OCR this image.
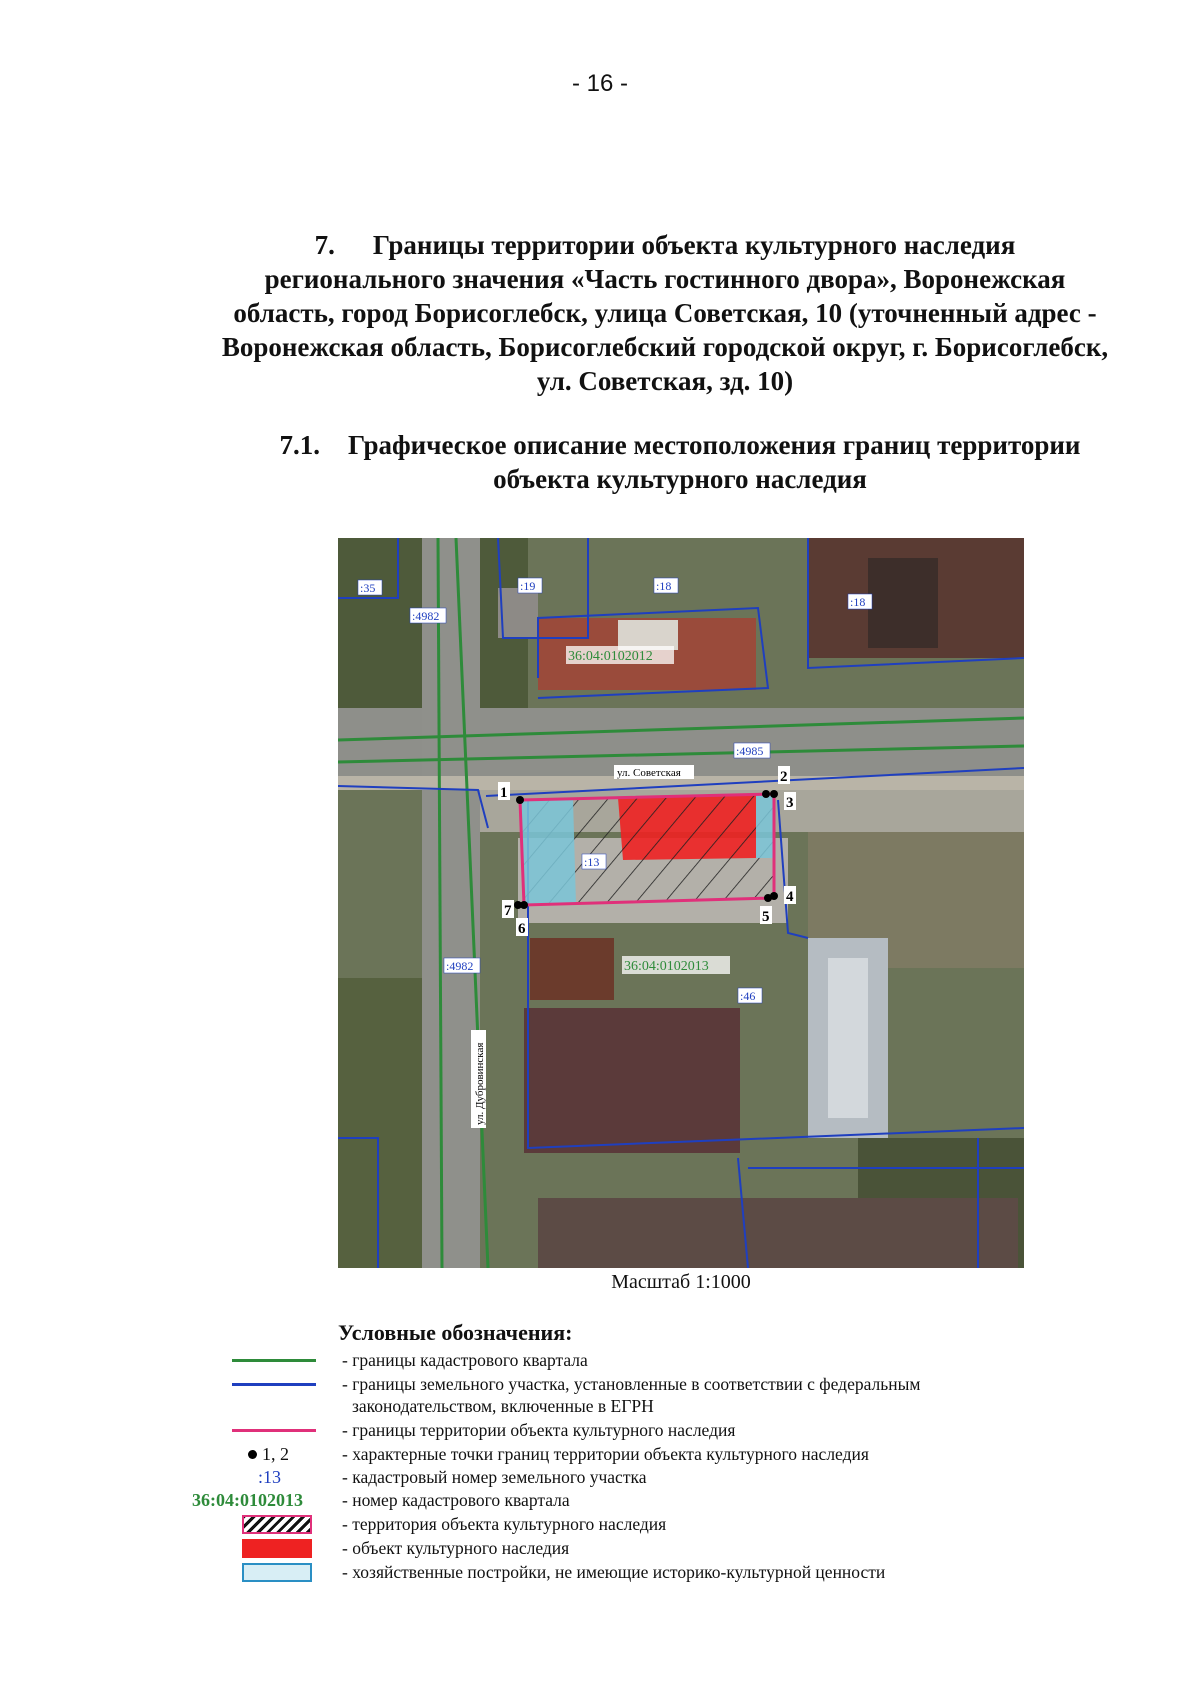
- 16 -
7. Границы территории объекта культурного наследия
регионального значения «Часть гостинного двора», Воронежская
область, город Борисоглебск, улица Советская, 10 (уточненный адрес -
Воронежская область, Борисоглебский городской округ, г. Борисоглебск,
ул. Советская, зд. 10)
7.1. Графическое описание местоположения границ территории
объекта культурного наследия
1
2
3
4
5
6
7
:35
:4982
:19	:18
:18
:4985
:13
:4982
:46
36:04:0102012
36:04:0102013
ул. Советская
ул. Дубровинская
Масштаб 1:1000
Условные обозначения:
- границы кадастрового квартала
- границы земельного участка, установленные в соответствии с федеральным
законодательством, включенные в ЕГРН
- границы территории объекта культурного наследия
1, 2	- характерные точки границ территории объекта культурного наследия
:13	- кадастровый номер земельного участка
36:04:0102013 - номер кадастрового квартала
- территория объекта культурного наследия
- объект культурного наследия
- хозяйственные постройки, не имеющие историко-культурной ценности
